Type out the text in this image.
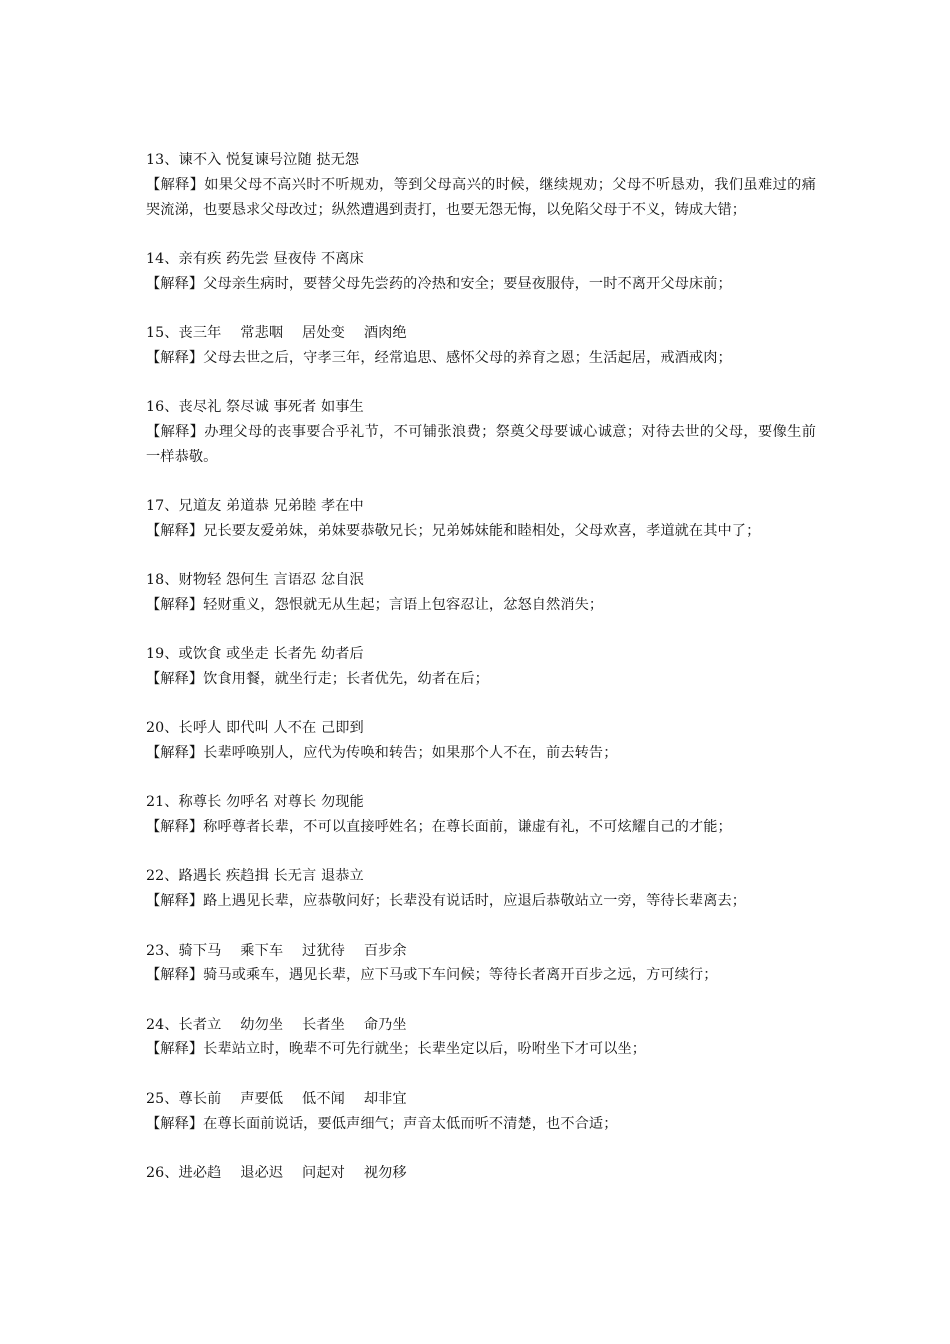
13、谏不入 悦复谏号泣随 挞无怨

【解释】如果父母不高兴时不听规劝，等到父母高兴的时候，继续规劝；父母不听恳劝，我们虽难过的痛哭流涕，也要恳求父母改过；纵然遭遇到责打，也要无怨无悔，以免陷父母于不义，铸成大错；

14、亲有疾 药先尝 昼夜侍 不离床

【解释】父母亲生病时，要替父母先尝药的冷热和安全；要昼夜服侍，一时不离开父母床前；

15、丧三年　 常悲咽　 居处变　 酒肉绝

【解释】父母去世之后，守孝三年，经常追思、感怀父母的养育之恩；生活起居，戒酒戒肉；

16、丧尽礼 祭尽诚 事死者 如事生

【解释】办理父母的丧事要合乎礼节，不可铺张浪费；祭奠父母要诚心诚意；对待去世的父母，要像生前一样恭敬。

17、兄道友 弟道恭 兄弟睦 孝在中

【解释】兄长要友爱弟妹，弟妹要恭敬兄长；兄弟姊妹能和睦相处，父母欢喜，孝道就在其中了；

18、财物轻 怨何生 言语忍 忿自泯

【解释】轻财重义，怨恨就无从生起；言语上包容忍让，忿怒自然消失；

19、或饮食 或坐走 长者先 幼者后

【解释】饮食用餐，就坐行走；长者优先，幼者在后；

20、长呼人 即代叫 人不在 己即到

【解释】长辈呼唤别人，应代为传唤和转告；如果那个人不在，前去转告；

21、称尊长 勿呼名 对尊长 勿现能

【解释】称呼尊者长辈，不可以直接呼姓名；在尊长面前，谦虚有礼，不可炫耀自己的才能；

22、路遇长 疾趋揖 长无言 退恭立

【解释】路上遇见长辈，应恭敬问好；长辈没有说话时，应退后恭敬站立一旁，等待长辈离去；

23、骑下马　 乘下车　 过犹待　 百步余

【解释】骑马或乘车，遇见长辈，应下马或下车问候；等待长者离开百步之远，方可续行；

24、长者立　 幼勿坐　 长者坐　 命乃坐

【解释】长辈站立时，晚辈不可先行就坐；长辈坐定以后，吩咐坐下才可以坐；

25、尊长前　 声要低　 低不闻　 却非宜

【解释】在尊长面前说话，要低声细气；声音太低而听不清楚，也不合适；

26、进必趋　 退必迟　 问起对　 视勿移
